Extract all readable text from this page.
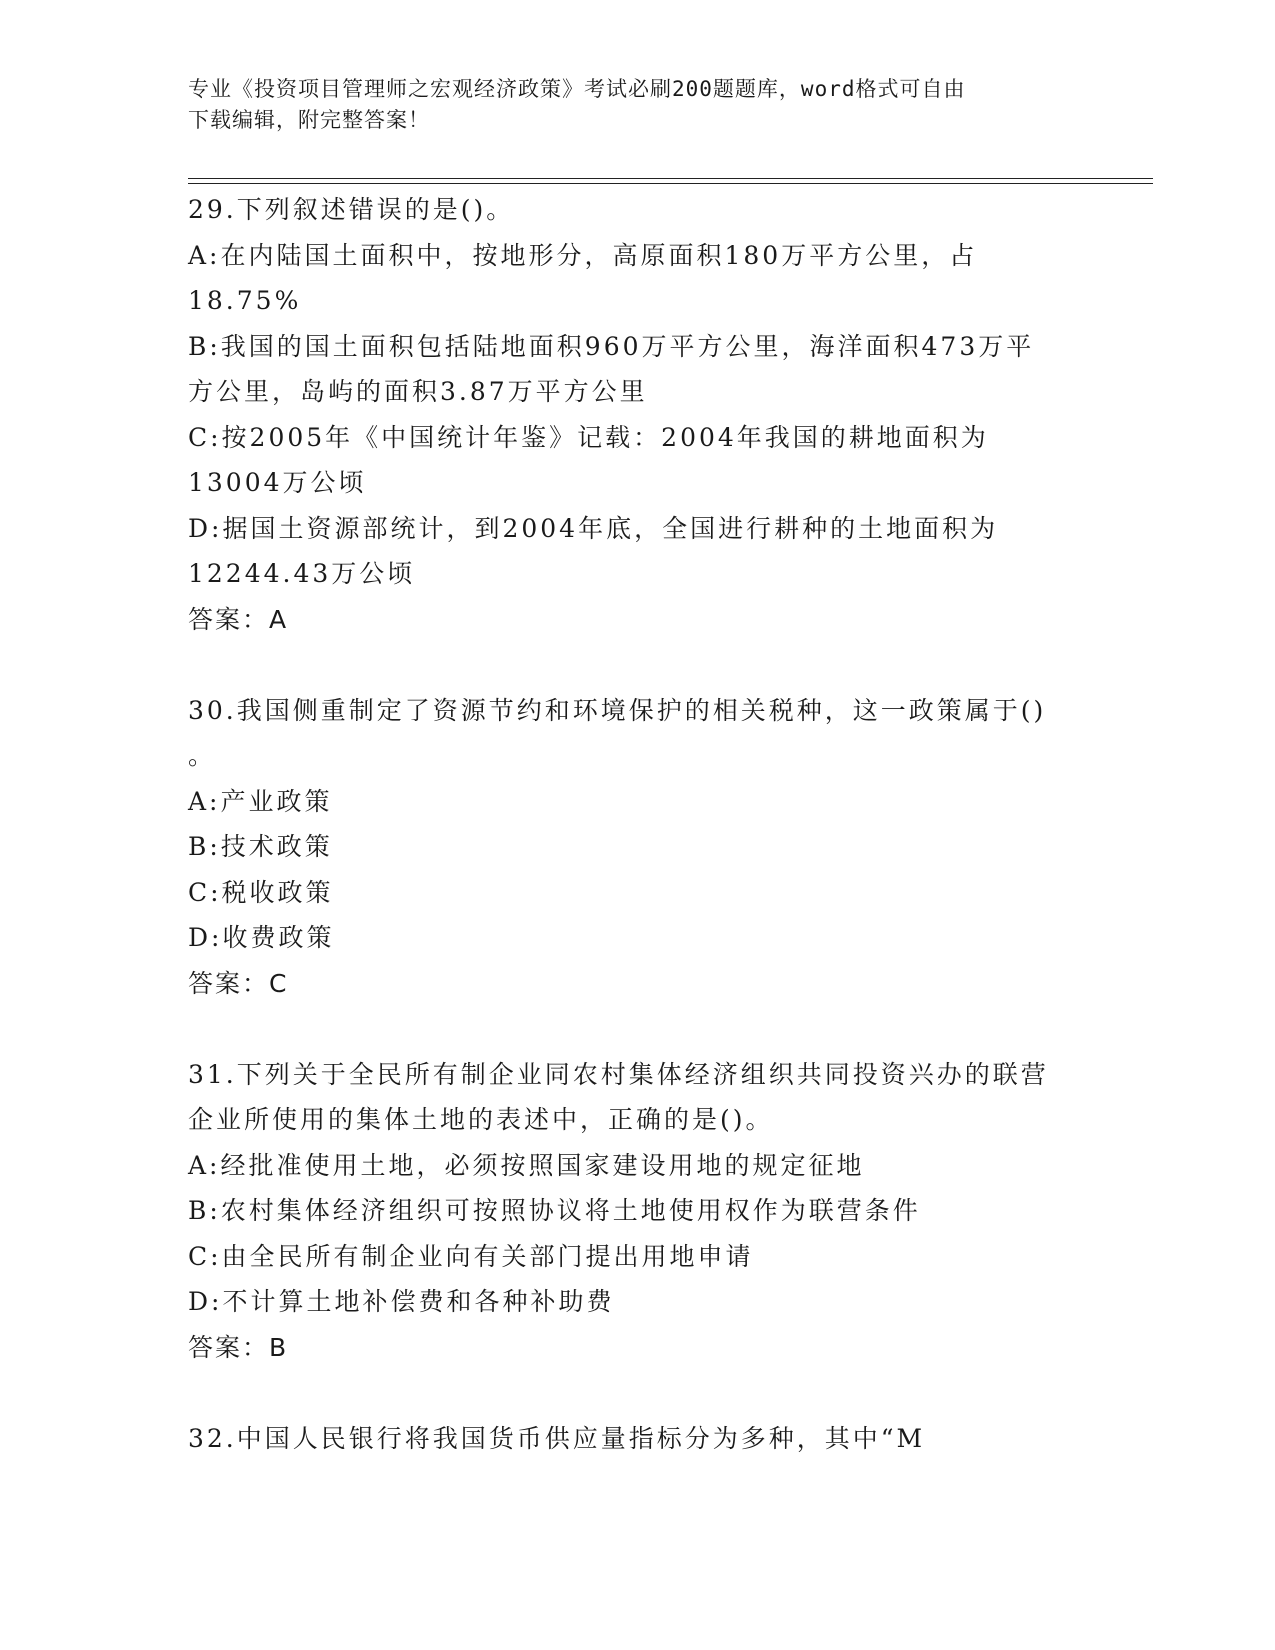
专业《投资项目管理师之宏观经济政策》考试必刷200题题库，word格式可自由
下载编辑，附完整答案！
29.下列叙述错误的是()。
A:在内陆国土面积中，按地形分，高原面积180万平方公里，占
18.75%
B:我国的国土面积包括陆地面积960万平方公里，海洋面积473万平
方公里，岛屿的面积3.87万平方公里
C:按2005年《中国统计年鉴》记载：2004年我国的耕地面积为
13004万公顷
D:据国土资源部统计，到2004年底，全国进行耕种的土地面积为
12244.43万公顷
答案：A
30.我国侧重制定了资源节约和环境保护的相关税种，这一政策属于()
。
A:产业政策
B:技术政策
C:税收政策
D:收费政策
答案：C
31.下列关于全民所有制企业同农村集体经济组织共同投资兴办的联营
企业所使用的集体土地的表述中，正确的是()。
A:经批准使用土地，必须按照国家建设用地的规定征地
B:农村集体经济组织可按照协议将土地使用权作为联营条件
C:由全民所有制企业向有关部门提出用地申请
D:不计算土地补偿费和各种补助费
答案：B
32.中国人民银行将我国货币供应量指标分为多种，其中“M
